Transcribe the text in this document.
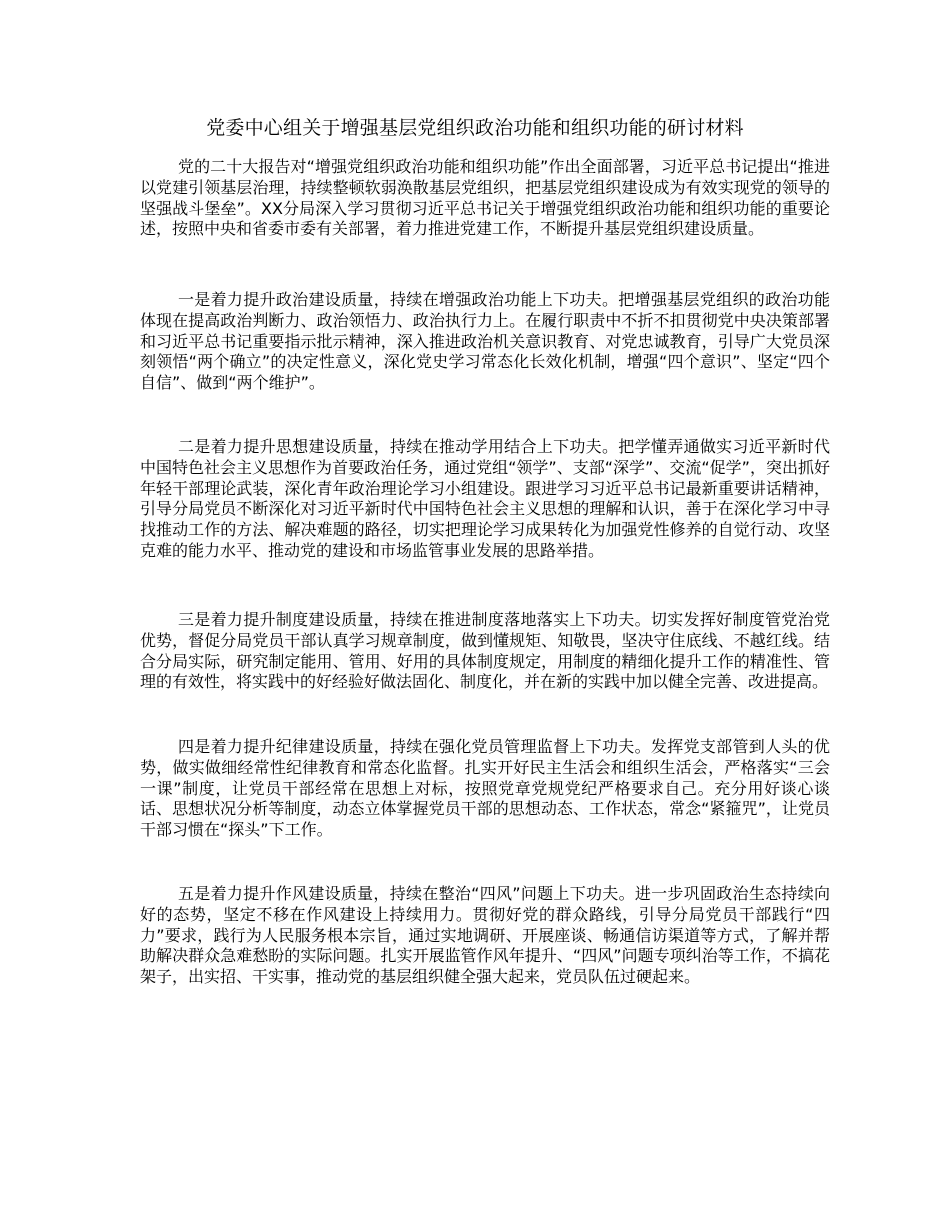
党委中心组关于增强基层党组织政治功能和组织功能的研讨材料

党的二十大报告对“增强党组织政治功能和组织功能”作出全面部署，习近平总书记提出“推进以党建引领基层治理，持续整顿软弱涣散基层党组织，把基层党组织建设成为有效实现党的领导的坚强战斗堡垒”。XX分局深入学习贯彻习近平总书记关于增强党组织政治功能和组织功能的重要论述，按照中央和省委市委有关部署，着力推进党建工作，不断提升基层党组织建设质量。

一是着力提升政治建设质量，持续在增强政治功能上下功夫。把增强基层党组织的政治功能体现在提高政治判断力、政治领悟力、政治执行力上。在履行职责中不折不扣贯彻党中央决策部署和习近平总书记重要指示批示精神，深入推进政治机关意识教育、对党忠诚教育，引导广大党员深刻领悟“两个确立”的决定性意义，深化党史学习常态化长效化机制，增强“四个意识”、坚定“四个自信”、做到“两个维护”。

二是着力提升思想建设质量，持续在推动学用结合上下功夫。把学懂弄通做实习近平新时代中国特色社会主义思想作为首要政治任务，通过党组“领学”、支部“深学”、交流“促学”，突出抓好年轻干部理论武装，深化青年政治理论学习小组建设。跟进学习习近平总书记最新重要讲话精神，引导分局党员不断深化对习近平新时代中国特色社会主义思想的理解和认识，善于在深化学习中寻找推动工作的方法、解决难题的路径，切实把理论学习成果转化为加强党性修养的自觉行动、攻坚克难的能力水平、推动党的建设和市场监管事业发展的思路举措。

三是着力提升制度建设质量，持续在推进制度落地落实上下功夫。切实发挥好制度管党治党优势，督促分局党员干部认真学习规章制度，做到懂规矩、知敬畏，坚决守住底线、不越红线。结合分局实际，研究制定能用、管用、好用的具体制度规定，用制度的精细化提升工作的精准性、管理的有效性，将实践中的好经验好做法固化、制度化，并在新的实践中加以健全完善、改进提高。

四是着力提升纪律建设质量，持续在强化党员管理监督上下功夫。发挥党支部管到人头的优势，做实做细经常性纪律教育和常态化监督。扎实开好民主生活会和组织生活会，严格落实“三会一课”制度，让党员干部经常在思想上对标，按照党章党规党纪严格要求自己。充分用好谈心谈话、思想状况分析等制度，动态立体掌握党员干部的思想动态、工作状态，常念“紧箍咒”，让党员干部习惯在“探头”下工作。

五是着力提升作风建设质量，持续在整治“四风”问题上下功夫。进一步巩固政治生态持续向好的态势，坚定不移在作风建设上持续用力。贯彻好党的群众路线，引导分局党员干部践行“四力”要求，践行为人民服务根本宗旨，通过实地调研、开展座谈、畅通信访渠道等方式，了解并帮助解决群众急难愁盼的实际问题。扎实开展监管作风年提升、“四风”问题专项纠治等工作，不搞花架子，出实招、干实事，推动党的基层组织健全强大起来，党员队伍过硬起来。
